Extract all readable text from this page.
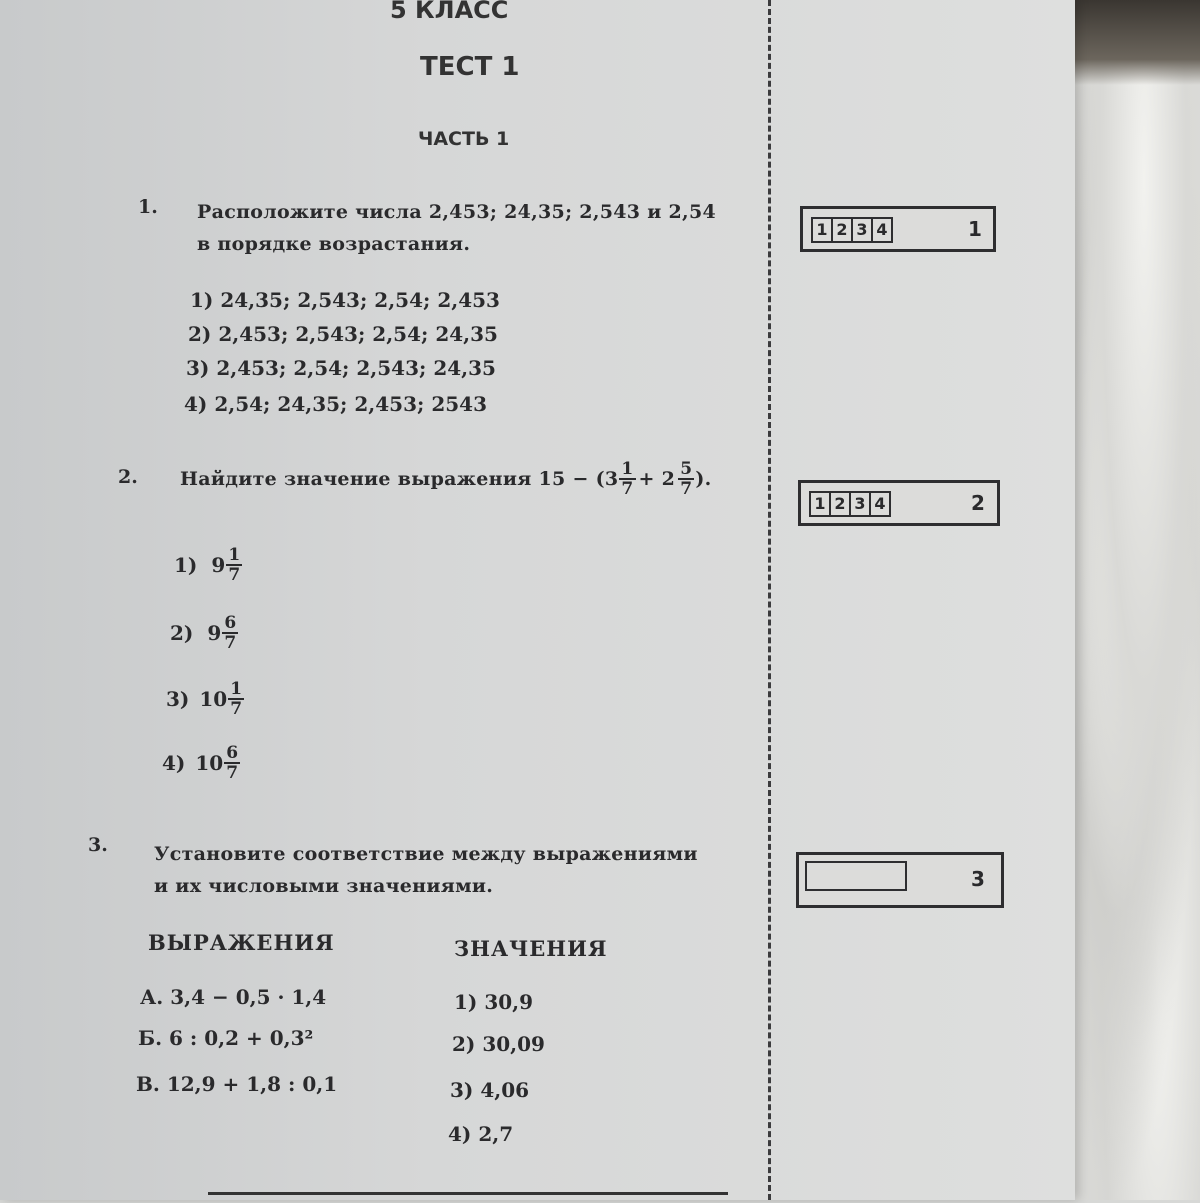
5 КЛАСС
ТЕСТ 1
ЧАСТЬ 1
1. Расположите числа 2,453; 24,35; 2,543 и 2,54
в порядке возрастания.
1) 24,35; 2,543; 2,54; 2,453
2) 2,453; 2,543; 2,54; 24,35
3) 2,453; 2,54; 2,543; 24,35
4) 2,54; 24,35; 2,453; 2543
1 2 3 4	1
2. Найдите значение выражения $15 - (3 \frac{1}{7} + 2 \frac{5}{7}$ ).
1) $9 \frac{1}{7}$
2) $9 \frac{6}{7}$
3) $10 \frac{1}{7}$
4) $10 \frac{6}{7}$
1 2 3 4	2
3. Установите соответствие между выражениями
и их числовыми значениями.
ВЫРАЖЕНИЯ	ЗНАЧЕНИЯ
А. 3,4 − 0,5 · 1,4
Б. 6 : 0,2 + 0,3²
В. 12,9 + 1,8 : 0,1
1) 30,9
2) 30,09
3) 4,06
4) 2,7
3
